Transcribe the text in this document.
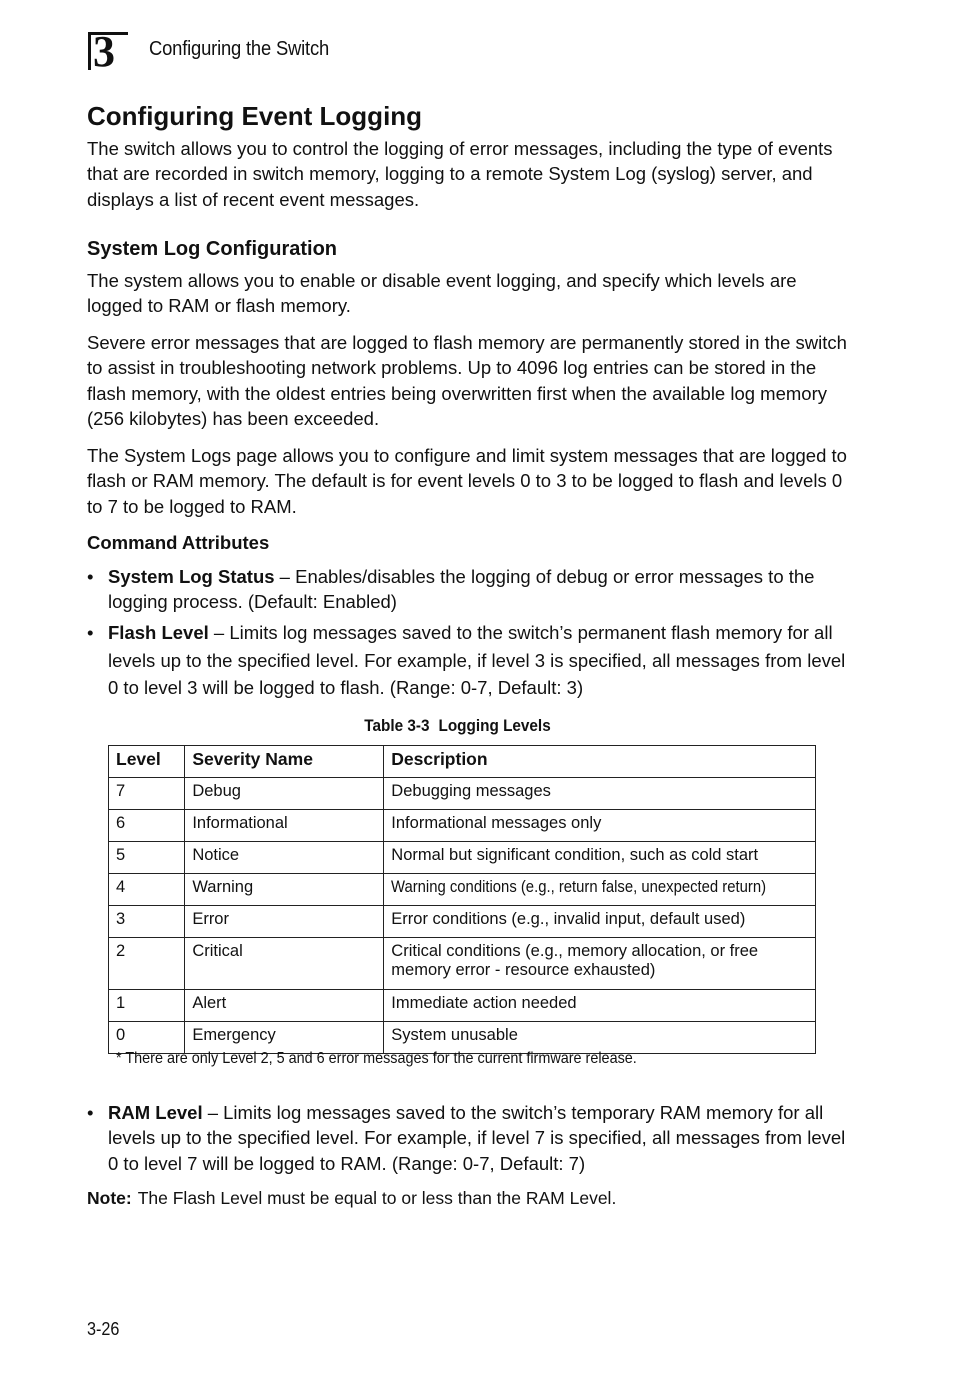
3 Configuring the Switch
Configuring Event Logging

The switch allows you to control the logging of error messages, including the type of events that are recorded in switch memory, logging to a remote System Log (syslog) server, and displays a list of recent event messages.

System Log Configuration

The system allows you to enable or disable event logging, and specify which levels are logged to RAM or flash memory.

Severe error messages that are logged to flash memory are permanently stored in the switch to assist in troubleshooting network problems. Up to 4096 log entries can be stored in the flash memory, with the oldest entries being overwritten first when the available log memory (256 kilobytes) has been exceeded.

The System Logs page allows you to configure and limit system messages that are logged to flash or RAM memory. The default is for event levels 0 to 3 to be logged to flash and levels 0 to 7 to be logged to RAM.

Command Attributes
• System Log Status – Enables/disables the logging of debug or error messages to the logging process. (Default: Enabled)
• Flash Level – Limits log messages saved to the switch’s permanent flash memory for all levels up to the specified level. For example, if level 3 is specified, all messages from level 0 to level 3 will be logged to flash. (Range: 0-7, Default: 3)
Table 3-3 Logging Levels
Level	Severity Name	Description
7	Debug	Debugging messages
6	Informational	Informational messages only
5	Notice	Normal but significant condition, such as cold start
4	Warning	Warning conditions (e.g., return false, unexpected return)
3	Error	Error conditions (e.g., invalid input, default used)
2	Critical	Critical conditions (e.g., memory allocation, or free memory error - resource exhausted)
1	Alert	Immediate action needed
0	Emergency	System unusable
* There are only Level 2, 5 and 6 error messages for the current firmware release.
• RAM Level – Limits log messages saved to the switch’s temporary RAM memory for all levels up to the specified level. For example, if level 7 is specified, all messages from level 0 to level 7 will be logged to RAM. (Range: 0-7, Default: 7)
Note: The Flash Level must be equal to or less than the RAM Level.
3-26
